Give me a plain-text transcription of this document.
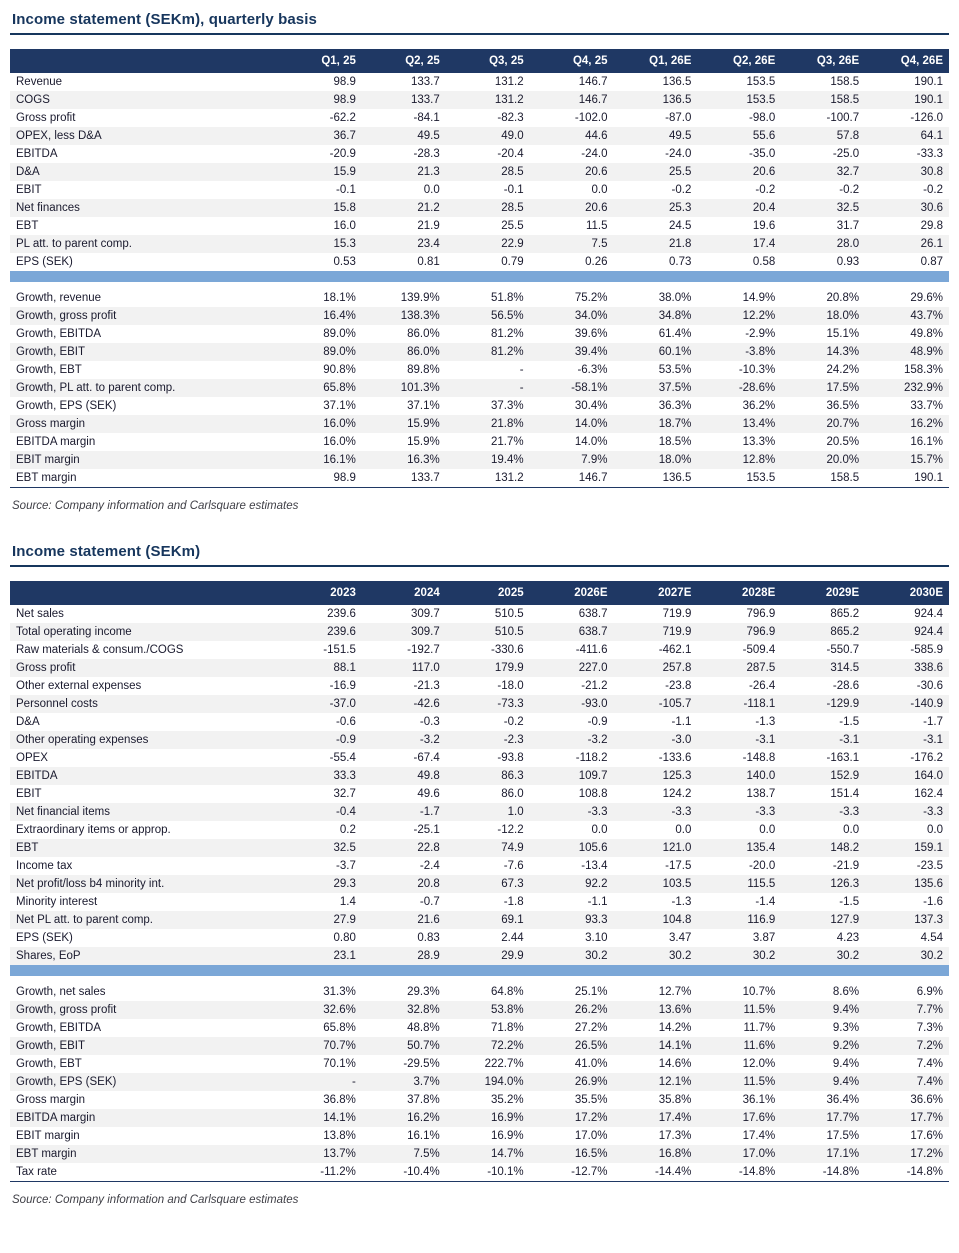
Income statement (SEKm), quarterly basis
	Q1, 25	Q2, 25	Q3, 25	Q4, 25	Q1, 26E	Q2, 26E	Q3, 26E	Q4, 26E
Revenue	98.9	133.7	131.2	146.7	136.5	153.5	158.5	190.1
COGS	98.9	133.7	131.2	146.7	136.5	153.5	158.5	190.1
Gross profit	-62.2	-84.1	-82.3	-102.0	-87.0	-98.0	-100.7	-126.0
OPEX, less D&A	36.7	49.5	49.0	44.6	49.5	55.6	57.8	64.1
EBITDA	-20.9	-28.3	-20.4	-24.0	-24.0	-35.0	-25.0	-33.3
D&A	15.9	21.3	28.5	20.6	25.5	20.6	32.7	30.8
EBIT	-0.1	0.0	-0.1	0.0	-0.2	-0.2	-0.2	-0.2
Net finances	15.8	21.2	28.5	20.6	25.3	20.4	32.5	30.6
EBT	16.0	21.9	25.5	11.5	24.5	19.6	31.7	29.8
PL att. to parent comp.	15.3	23.4	22.9	7.5	21.8	17.4	28.0	26.1
EPS (SEK)	0.53	0.81	0.79	0.26	0.73	0.58	0.93	0.87

Growth, revenue	18.1%	139.9%	51.8%	75.2%	38.0%	14.9%	20.8%	29.6%
Growth, gross profit	16.4%	138.3%	56.5%	34.0%	34.8%	12.2%	18.0%	43.7%
Growth, EBITDA	89.0%	86.0%	81.2%	39.6%	61.4%	-2.9%	15.1%	49.8%
Growth, EBIT	89.0%	86.0%	81.2%	39.4%	60.1%	-3.8%	14.3%	48.9%
Growth, EBT	90.8%	89.8%	-	-6.3%	53.5%	-10.3%	24.2%	158.3%
Growth, PL att. to parent comp.	65.8%	101.3%	-	-58.1%	37.5%	-28.6%	17.5%	232.9%
Growth, EPS (SEK)	37.1%	37.1%	37.3%	30.4%	36.3%	36.2%	36.5%	33.7%
Gross margin	16.0%	15.9%	21.8%	14.0%	18.7%	13.4%	20.7%	16.2%
EBITDA margin	16.0%	15.9%	21.7%	14.0%	18.5%	13.3%	20.5%	16.1%
EBIT margin	16.1%	16.3%	19.4%	7.9%	18.0%	12.8%	20.0%	15.7%
EBT margin	98.9	133.7	131.2	146.7	136.5	153.5	158.5	190.1
Source: Company information and Carlsquare estimates
Income statement (SEKm)
	2023	2024	2025	2026E	2027E	2028E	2029E	2030E
Net sales	239.6	309.7	510.5	638.7	719.9	796.9	865.2	924.4
Total operating income	239.6	309.7	510.5	638.7	719.9	796.9	865.2	924.4
Raw materials & consum./COGS	-151.5	-192.7	-330.6	-411.6	-462.1	-509.4	-550.7	-585.9
Gross profit	88.1	117.0	179.9	227.0	257.8	287.5	314.5	338.6
Other external expenses	-16.9	-21.3	-18.0	-21.2	-23.8	-26.4	-28.6	-30.6
Personnel costs	-37.0	-42.6	-73.3	-93.0	-105.7	-118.1	-129.9	-140.9
D&A	-0.6	-0.3	-0.2	-0.9	-1.1	-1.3	-1.5	-1.7
Other operating expenses	-0.9	-3.2	-2.3	-3.2	-3.0	-3.1	-3.1	-3.1
OPEX	-55.4	-67.4	-93.8	-118.2	-133.6	-148.8	-163.1	-176.2
EBITDA	33.3	49.8	86.3	109.7	125.3	140.0	152.9	164.0
EBIT	32.7	49.6	86.0	108.8	124.2	138.7	151.4	162.4
Net financial items	-0.4	-1.7	1.0	-3.3	-3.3	-3.3	-3.3	-3.3
Extraordinary items or approp.	0.2	-25.1	-12.2	0.0	0.0	0.0	0.0	0.0
EBT	32.5	22.8	74.9	105.6	121.0	135.4	148.2	159.1
Income tax	-3.7	-2.4	-7.6	-13.4	-17.5	-20.0	-21.9	-23.5
Net profit/loss b4 minority int.	29.3	20.8	67.3	92.2	103.5	115.5	126.3	135.6
Minority interest	1.4	-0.7	-1.8	-1.1	-1.3	-1.4	-1.5	-1.6
Net PL att. to parent comp.	27.9	21.6	69.1	93.3	104.8	116.9	127.9	137.3
EPS (SEK)	0.80	0.83	2.44	3.10	3.47	3.87	4.23	4.54
Shares, EoP	23.1	28.9	29.9	30.2	30.2	30.2	30.2	30.2

Growth, net sales	31.3%	29.3%	64.8%	25.1%	12.7%	10.7%	8.6%	6.9%
Growth, gross profit	32.6%	32.8%	53.8%	26.2%	13.6%	11.5%	9.4%	7.7%
Growth, EBITDA	65.8%	48.8%	71.8%	27.2%	14.2%	11.7%	9.3%	7.3%
Growth, EBIT	70.7%	50.7%	72.2%	26.5%	14.1%	11.6%	9.2%	7.2%
Growth, EBT	70.1%	-29.5%	222.7%	41.0%	14.6%	12.0%	9.4%	7.4%
Growth, EPS (SEK)	-	3.7%	194.0%	26.9%	12.1%	11.5%	9.4%	7.4%
Gross margin	36.8%	37.8%	35.2%	35.5%	35.8%	36.1%	36.4%	36.6%
EBITDA margin	14.1%	16.2%	16.9%	17.2%	17.4%	17.6%	17.7%	17.7%
EBIT margin	13.8%	16.1%	16.9%	17.0%	17.3%	17.4%	17.5%	17.6%
EBT margin	13.7%	7.5%	14.7%	16.5%	16.8%	17.0%	17.1%	17.2%
Tax rate	-11.2%	-10.4%	-10.1%	-12.7%	-14.4%	-14.8%	-14.8%	-14.8%
Source: Company information and Carlsquare estimates
